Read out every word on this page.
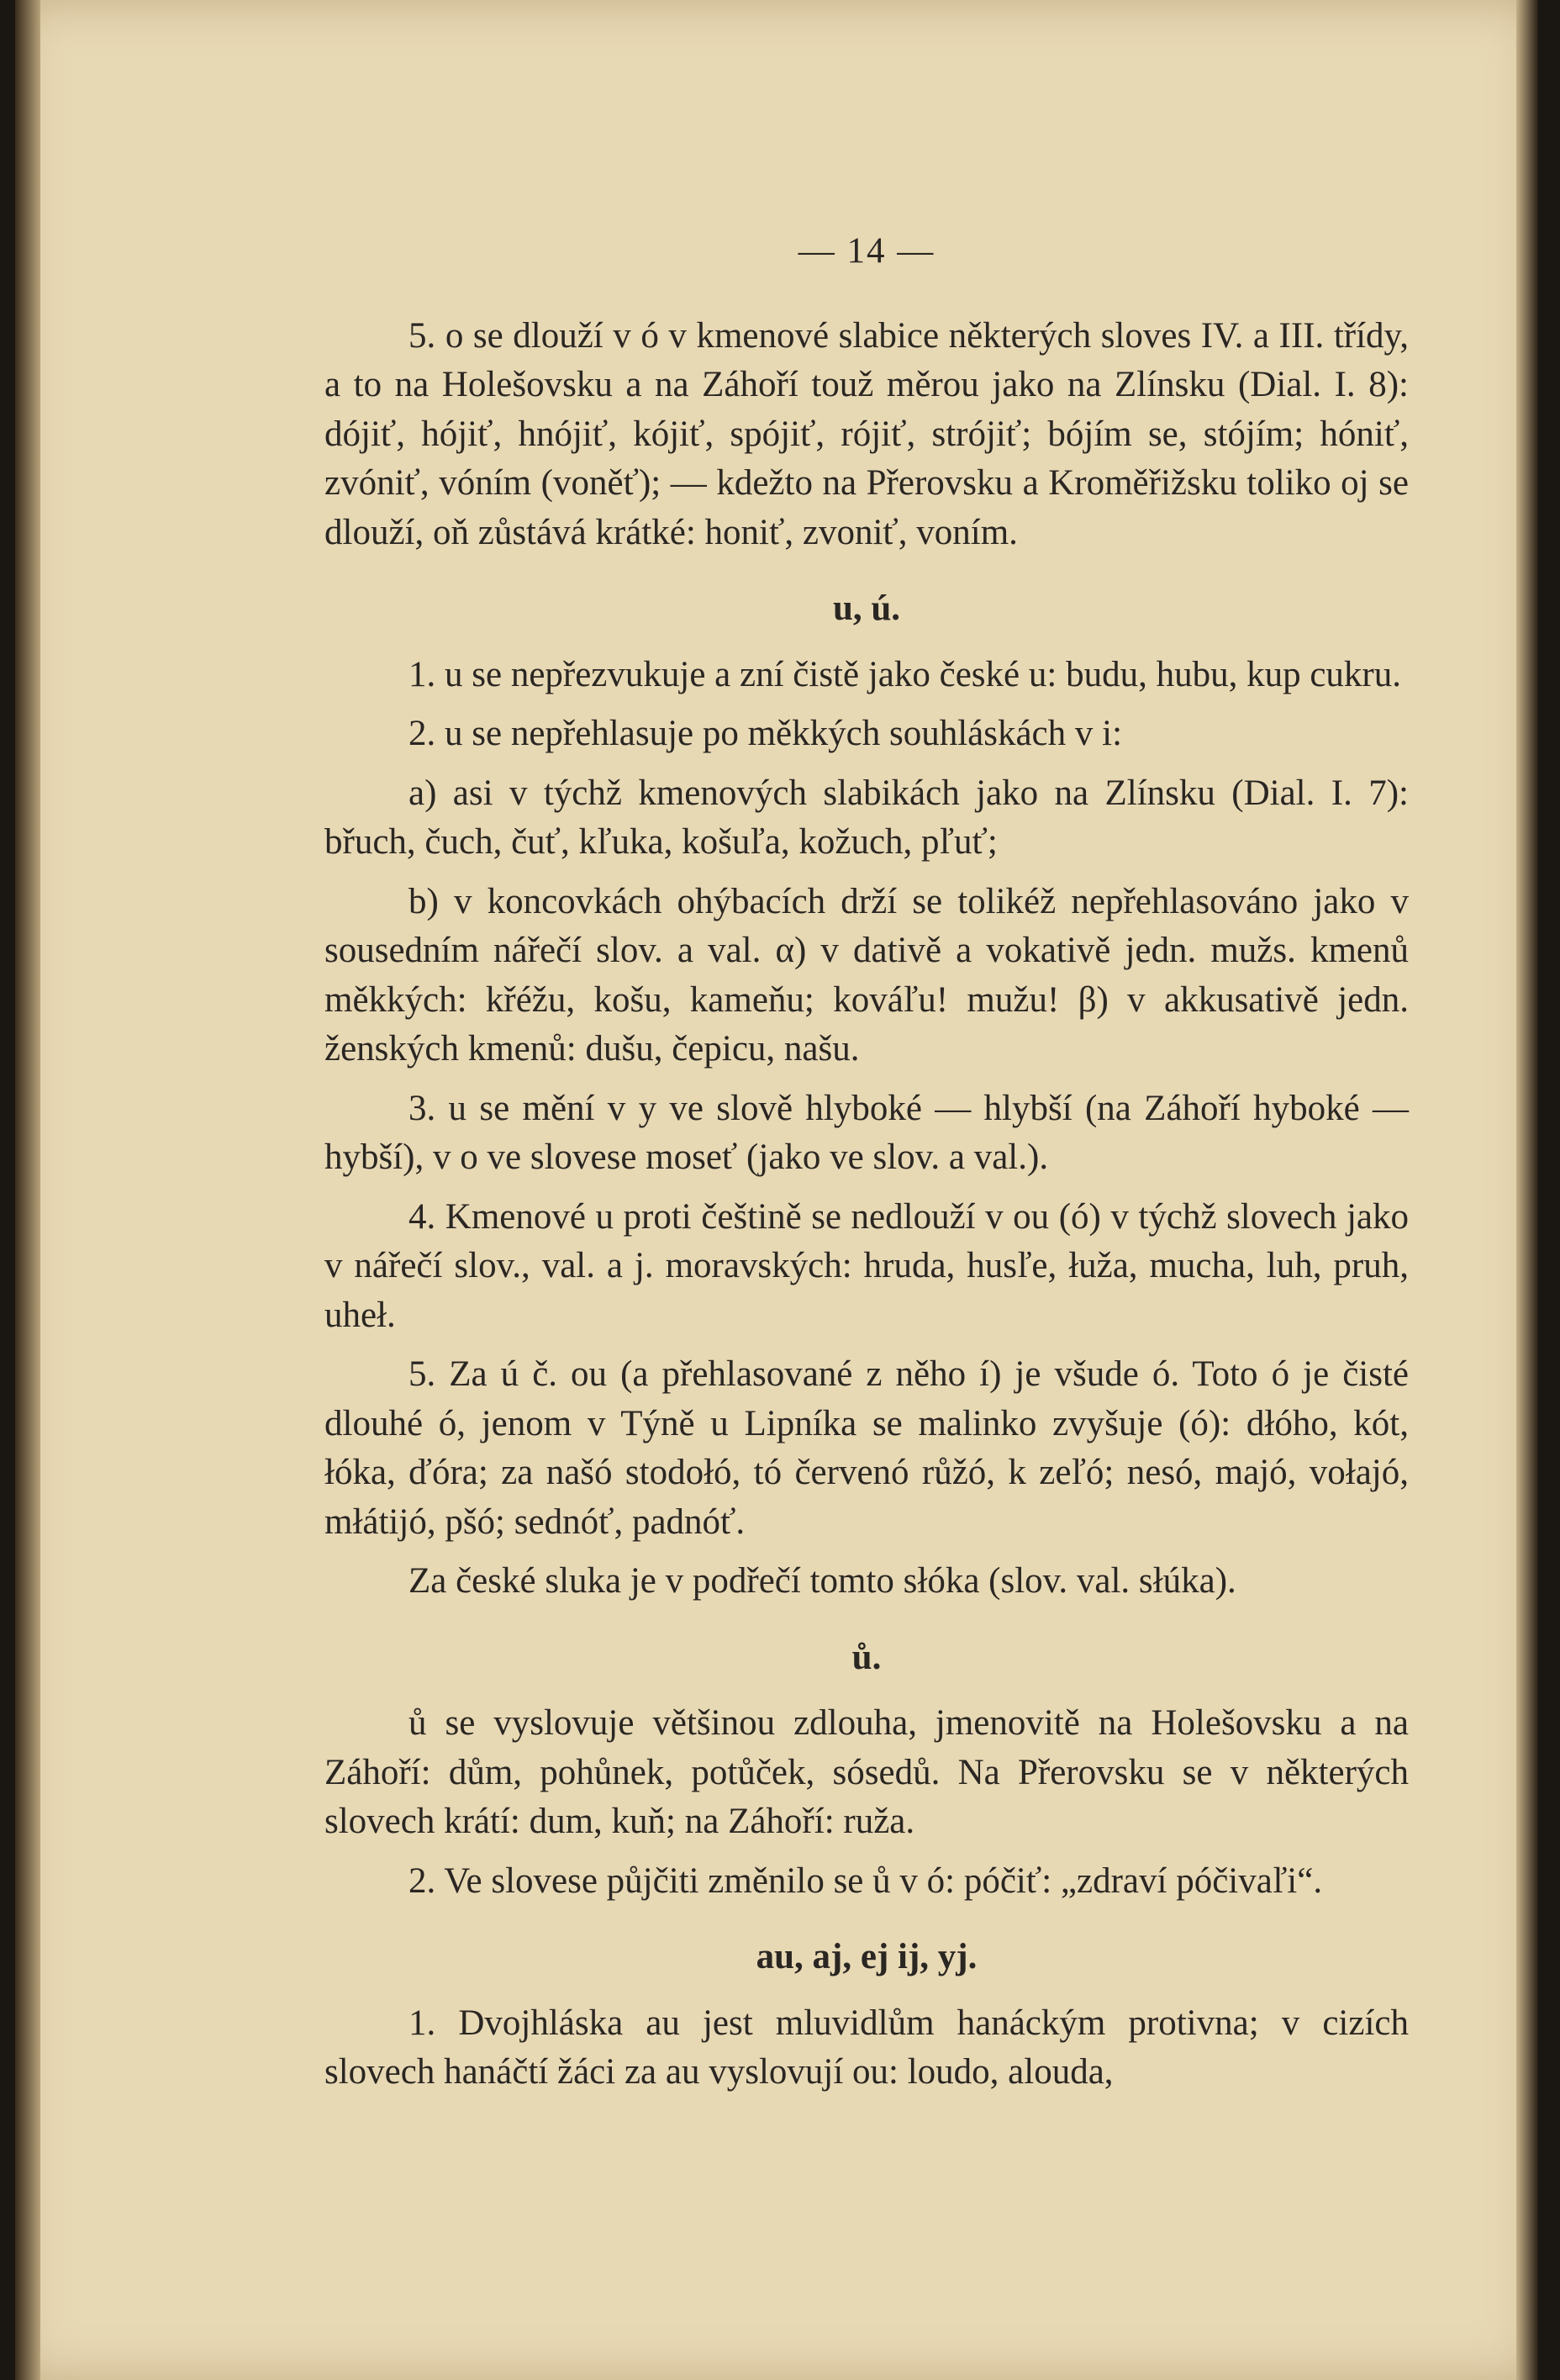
— 14 —
5. o se dlouží v ó v kmenové slabice některých sloves IV. a III. třídy, a to na Holešovsku a na Záhoří touž měrou jako na Zlínsku (Dial. I. 8): dójiť, hójiť, hnójiť, kójiť, spójiť, rójiť, strójiť; bójím se, stójím; hóniť, zvóniť, vóním (voněť); — kdežto na Přerovsku a Kroměřižsku toliko oj se dlouží, oň zůstává krátké: honiť, zvoniť, voním.
u, ú.
1. u se nepřezvukuje a zní čistě jako české u: budu, hubu, kup cukru.
2. u se nepřehlasuje po měkkých souhláskách v i:
a) asi v týchž kmenových slabikách jako na Zlínsku (Dial. I. 7): břuch, čuch, čuť, kľuka, košuľa, kožuch, pľuť;
b) v koncovkách ohýbacích drží se tolikéž nepřehlasováno jako v sousedním nářečí slov. a val. α) v dativě a vokativě jedn. mužs. kmenů měkkých: křéžu, košu, kameňu; kováľu! mužu! β) v akkusativě jedn. ženských kmenů: dušu, čepicu, našu.
3. u se mění v y ve slově hlyboké — hlybší (na Záhoří hyboké — hybší), v o ve slovese moseť (jako ve slov. a val.).
4. Kmenové u proti češtině se nedlouží v ou (ó) v týchž slovech jako v nářečí slov., val. a j. moravských: hruda, husľe, łuža, mucha, luh, pruh, uheł.
5. Za ú č. ou (a přehlasované z něho í) je všude ó. Toto ó je čisté dlouhé ó, jenom v Týně u Lipníka se malinko zvyšuje (ó): dłóho, kót, łóka, ďóra; za našó stodołó, tó červenó růžó, k zeľó; nesó, majó, vołajó, młátijó, pšó; sednóť, padnóť.
Za české sluka je v podřečí tomto słóka (slov. val. słúka).
ů.
ů se vyslovuje většinou zdlouha, jmenovitě na Holešovsku a na Záhoří: dům, pohůnek, potůček, sósedů. Na Přerovsku se v některých slovech krátí: dum, kuň; na Záhoří: ruža.
2. Ve slovese půjčiti změnilo se ů v ó: póčiť: „zdraví póčivaľi“.
au, aj, ej ij, yj.
1. Dvojhláska au jest mluvidlům hanáckým protivna; v cizích slovech hanáčtí žáci za au vyslovují ou: loudo, alouda,
